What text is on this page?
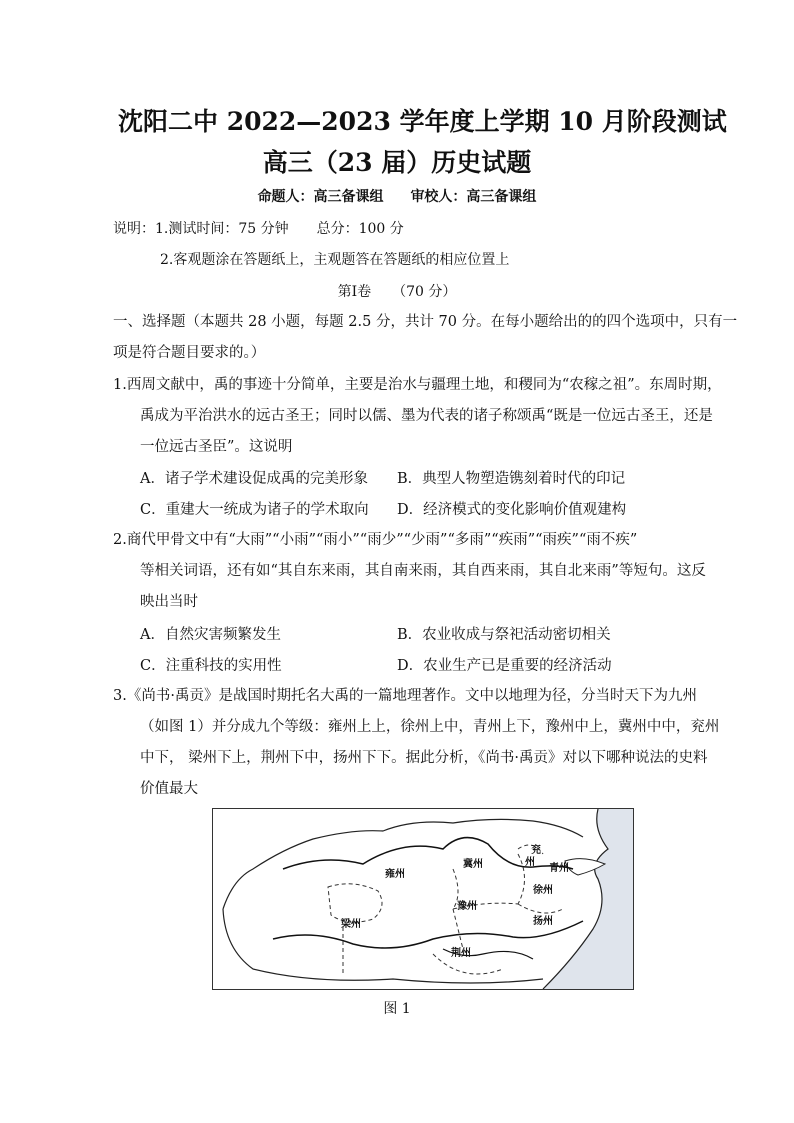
沈阳二中 2022—2023 学年度上学期 10 月阶段测试
高三（23 届）历史试题
命题人：高三备课组 审校人：高三备课组
说明：1.测试时间：75 分钟　　总分：100 分
2.客观题涂在答题纸上，主观题答在答题纸的相应位置上
第Ⅰ卷　　（70 分）
一、选择题（本题共 28 小题，每题 2.5 分，共计 70 分。在每小题给出的的四个选项中，只有一
项是符合题目要求的。）
1.西周文献中，禹的事迹十分简单，主要是治水与疆理土地，和稷同为“农稼之祖”。东周时期，
禹成为平治洪水的远古圣王；同时以儒、墨为代表的诸子称颂禹“既是一位远古圣王，还是
一位远古圣臣”。这说明
A．诸子学术建设促成禹的完美形象 B．典型人物塑造镌刻着时代的印记
C．重建大一统成为诸子的学术取向 D．经济模式的变化影响价值观建构
2.商代甲骨文中有“大雨”“小雨”“雨小”“雨少”“少雨”“多雨”“疾雨”“雨疾”“雨不疾”
等相关词语，还有如“其自东来雨，其自南来雨，其自西来雨，其自北来雨”等短句。这反
映出当时
A．自然灾害频繁发生	B．农业收成与祭祀活动密切相关
C．注重科技的实用性	D．农业生产已是重要的经济活动
3.《尚书·禹贡》是战国时期托名大禹的一篇地理著作。文中以地理为径，分当时天下为九州
（如图 1）并分成九个等级：雍州上上，徐州上中，青州上下，豫州中上，冀州中中，兖州
中下， 梁州下上，荆州下中，扬州下下。据此分析，《尚书·禹贡》对以下哪种说法的史料
价值最大
冀州
兖
州
青州
雍州
徐州
豫州
梁州	扬州
荆州
图 1
